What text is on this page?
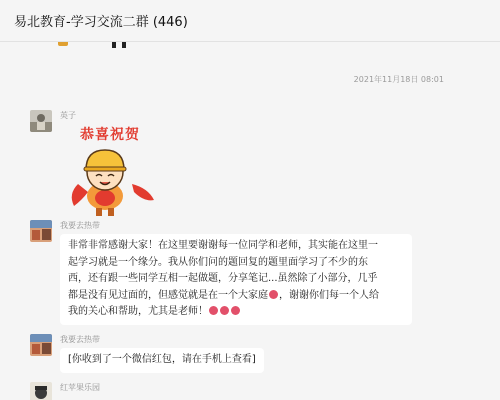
易北教育-学习交流二群 (446)
2021年11月18日 08:01
英子
恭喜祝贺
我要去热带
非常非常感谢大家！在这里要谢谢每一位同学和老师，其实能在这里一
起学习就是一个缘分。我从你们问的题回复的题里面学习了不少的东
西，还有跟一些同学互相一起做题，分享笔记...虽然除了小部分，几乎
都是没有见过面的，但感觉就是在一个大家庭 ，谢谢你们每一个人给
我的关心和帮助，尤其是老师！
我要去热带
[你收到了一个微信红包，请在手机上查看]
红苹果乐园
